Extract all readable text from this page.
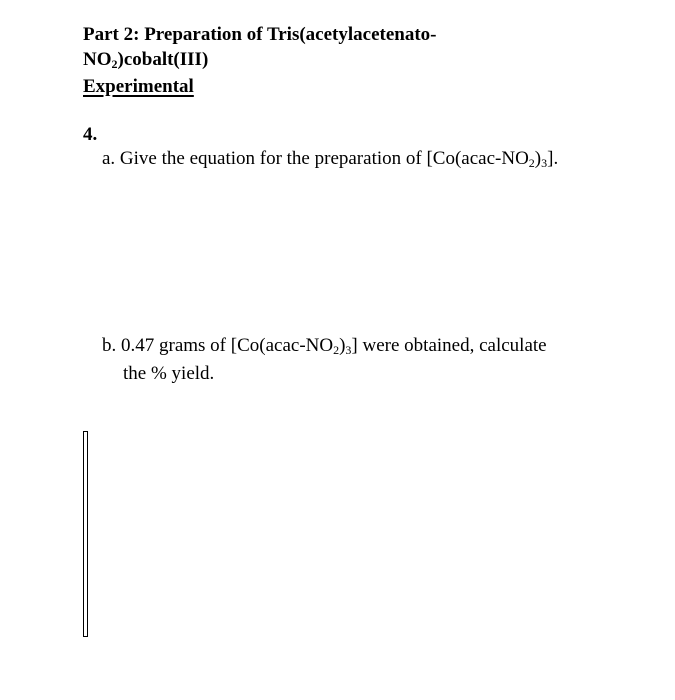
Part 2: Preparation of Tris(acetylacetenato-
$NO_2)cobalt(III)$
Experimental
4.
a. Give the equation for the preparation of $[Co(acac-NO_2)_3]$.
b. 0.47 grams of $[Co(acac-NO_2)_3]$ were obtained, calculate
the % yield.
